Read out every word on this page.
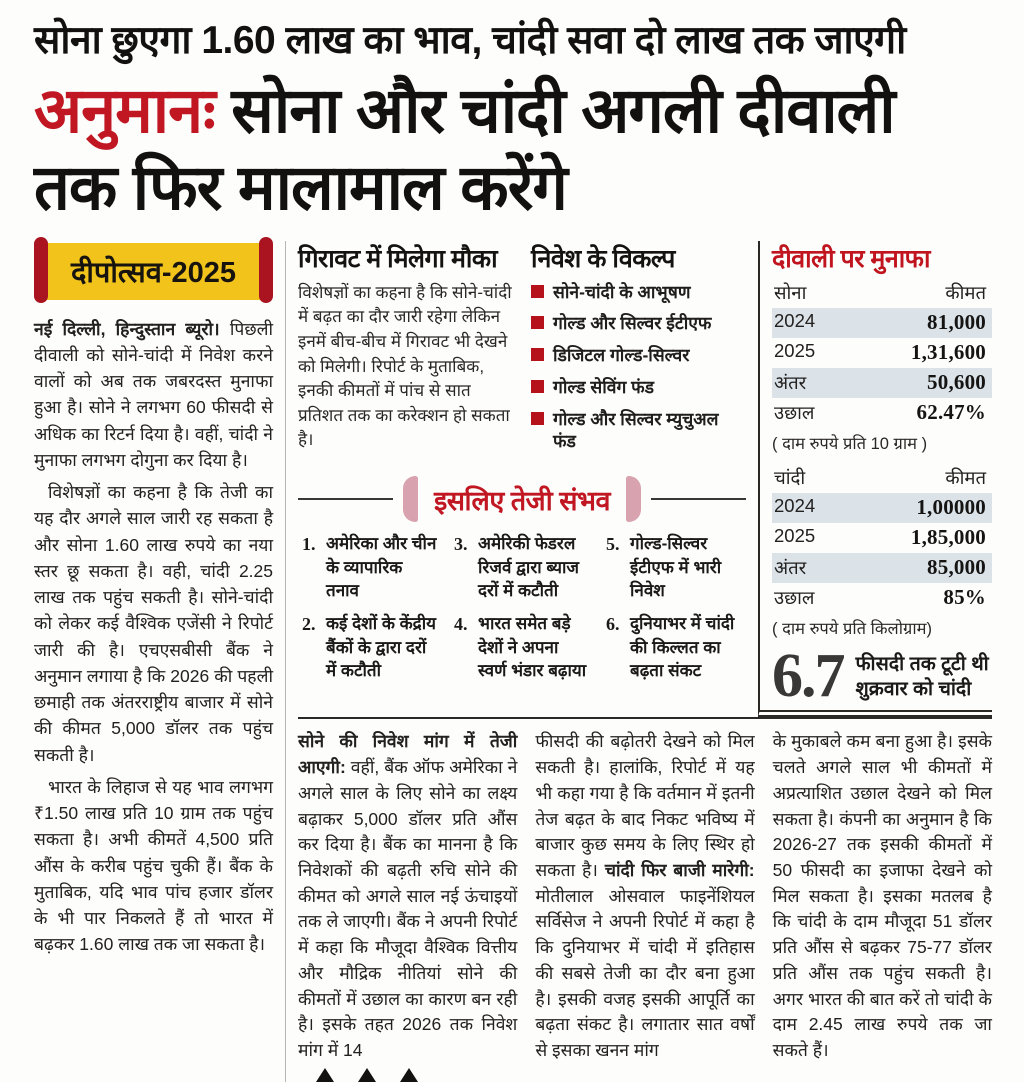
सोना छुएगा 1.60 लाख का भाव, चांदी सवा दो लाख तक जाएगी
अनुमानः सोना और चांदी अगली दीवाली तक फिर मालामाल करेंगे
दीपोत्सव-2025

नई दिल्ली, हिन्दुस्तान ब्यूरो। पिछली दीवाली को सोने-चांदी में निवेश करने वालों को अब तक जबरदस्त मुनाफा हुआ है। सोने ने लगभग 60 फीसदी से अधिक का रिटर्न दिया है। वहीं, चांदी ने मुनाफा लगभग दोगुना कर दिया है।

विशेषज्ञों का कहना है कि तेजी का यह दौर अगले साल जारी रह सकता है और सोना 1.60 लाख रुपये का नया स्तर छू सकता है। वही, चांदी 2.25 लाख तक पहुंच सकती है। सोने-चांदी को लेकर कई वैश्विक एजेंसी ने रिपोर्ट जारी की है। एचएसबीसी बैंक ने अनुमान लगाया है कि 2026 की पहली छमाही तक अंतरराष्ट्रीय बाजार में सोने की कीमत 5,000 डॉलर तक पहुंच सकती है।

भारत के लिहाज से यह भाव लगभग ₹1.50 लाख प्रति 10 ग्राम तक पहुंच सकता है। अभी कीमतें 4,500 प्रति औंस के करीब पहुंच चुकी हैं। बैंक के मुताबिक, यदि भाव पांच हजार डॉलर के भी पार निकलते हैं तो भारत में बढ़कर 1.60 लाख तक जा सकता है।

गिरावट में मिलेगा मौका
विशेषज्ञों का कहना है कि सोने-चांदी में बढ़त का दौर जारी रहेगा लेकिन इनमें बीच-बीच में गिरावट भी देखने को मिलेगी। रिपोर्ट के मुताबिक, इनकी कीमतों में पांच से सात प्रतिशत तक का करेक्शन हो सकता है।
निवेश के विकल्प
सोने-चांदी के आभूषण
गोल्ड और सिल्वर ईटीएफ
डिजिटल गोल्ड-सिल्वर
गोल्ड सेविंग फंड
गोल्ड और सिल्वर म्युचुअल फंड
इसलिए तेजी संभव
1. अमेरिका और चीन के व्यापारिक तनाव
2. कई देशों के केंद्रीय बैंकों के द्वारा दरों में कटौती
3. अमेरिकी फेडरल रिजर्व द्वारा ब्याज दरों में कटौती
4. भारत समेत बड़े देशों ने अपना स्वर्ण भंडार बढ़ाया
5. गोल्ड-सिल्वर ईटीएफ में भारी निवेश
6. दुनियाभर में चांदी की किल्लत का बढ़ता संकट
दीवाली पर मुनाफा
सोना	कीमत
2024	81,000
2025	1,31,600
अंतर	50,600
उछाल	62.47%
( दाम रुपये प्रति 10 ग्राम )
चांदी	कीमत
2024	1,00000
2025	1,85,000
अंतर	85,000
उछाल	85%
( दाम रुपये प्रति किलोग्राम)
6.7 फीसदी तक टूटी थी शुक्रवार को चांदी
सोने की निवेश मांग में तेजी आएगी: वहीं, बैंक ऑफ अमेरिका ने अगले साल के लिए सोने का लक्ष्य बढ़ाकर 5,000 डॉलर प्रति औंस कर दिया है। बैंक का मानना है कि निवेशकों की बढ़ती रुचि सोने की कीमत को अगले साल नई ऊंचाइयों तक ले जाएगी। बैंक ने अपनी रिपोर्ट में कहा कि मौजूदा वैश्विक वित्तीय और मौद्रिक नीतियां सोने की कीमतों में उछाल का कारण बन रही है। इसके तहत 2026 तक निवेश मांग में 14
फीसदी की बढ़ोतरी देखने को मिल सकती है। हालांकि, रिपोर्ट में यह भी कहा गया है कि वर्तमान में इतनी तेज बढ़त के बाद निकट भविष्य में बाजार कुछ समय के लिए स्थिर हो सकता है। चांदी फिर बाजी मारेगी: मोतीलाल ओसवाल फाइनेंशियल सर्विसेज ने अपनी रिपोर्ट में कहा है कि दुनियाभर में चांदी में इतिहास की सबसे तेजी का दौर बना हुआ है। इसकी वजह इसकी आपूर्ति का बढ़ता संकट है। लगातार सात वर्षों से इसका खनन मांग
के मुकाबले कम बना हुआ है। इसके चलते अगले साल भी कीमतों में अप्रत्याशित उछाल देखने को मिल सकता है। कंपनी का अनुमान है कि 2026-27 तक इसकी कीमतों में 50 फीसदी का इजाफा देखने को मिल सकता है। इसका मतलब है कि चांदी के दाम मौजूदा 51 डॉलर प्रति औंस से बढ़कर 75-77 डॉलर प्रति औंस तक पहुंच सकती है। अगर भारत की बात करें तो चांदी के दाम 2.45 लाख रुपये तक जा सकते हैं।
